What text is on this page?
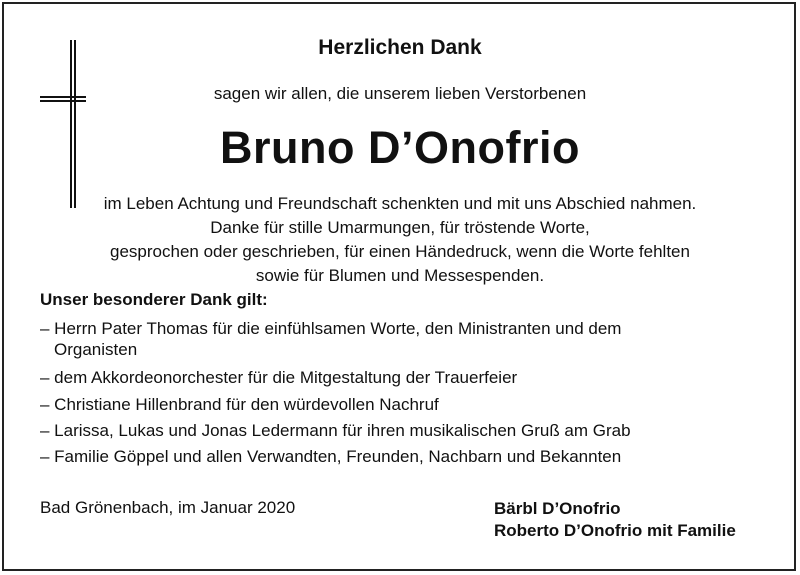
Herzlichen Dank
sagen wir allen, die unserem lieben Verstorbenen
Bruno D’Onofrio
im Leben Achtung und Freundschaft schenkten und mit uns Abschied nahmen.
Danke für stille Umarmungen, für tröstende Worte,
gesprochen oder geschrieben, für einen Händedruck, wenn die Worte fehlten
sowie für Blumen und Messespenden.
Unser besonderer Dank gilt:
– Herrn Pater Thomas für die einfühlsamen Worte, den Ministranten und dem
Organisten
– dem Akkordeonorchester für die Mitgestaltung der Trauerfeier
– Christiane Hillenbrand für den würdevollen Nachruf
– Larissa, Lukas und Jonas Ledermann für ihren musikalischen Gruß am Grab
– Familie Göppel und allen Verwandten, Freunden, Nachbarn und Bekannten
Bad Grönenbach, im Januar 2020	Bärbl D’Onofrio
Roberto D’Onofrio mit Familie
